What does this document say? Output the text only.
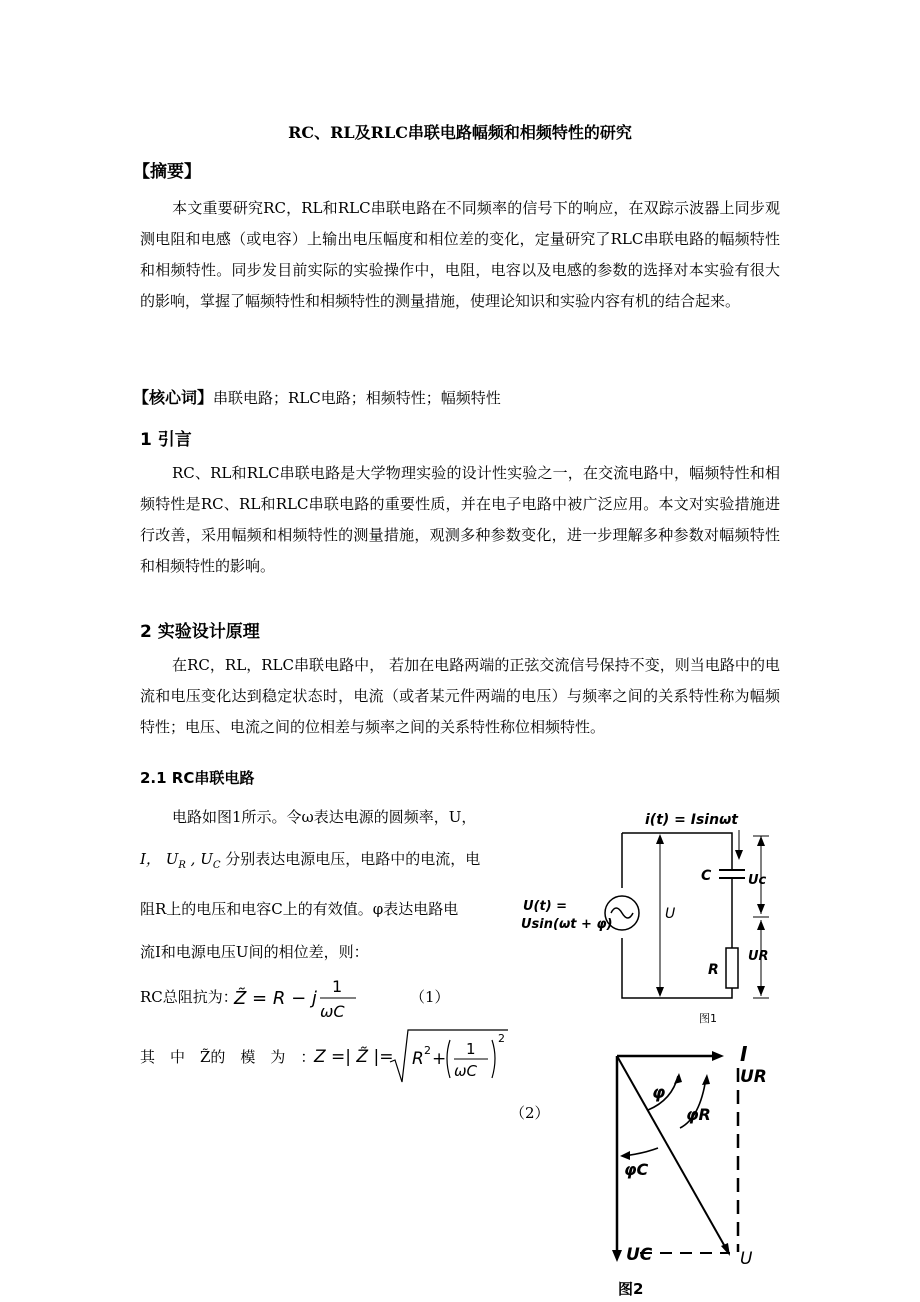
RC、RL及RLC串联电路幅频和相频特性的研究
【摘要】
本文重要研究RC，RL和RLC串联电路在不同频率的信号下的响应，在双踪示波器上同步观测电阻和电感（或电容）上输出电压幅度和相位差的变化，定量研究了RLC串联电路的幅频特性和相频特性。同步发目前实际的实验操作中，电阻，电容以及电感的参数的选择对本实验有很大的影响，掌握了幅频特性和相频特性的测量措施，使理论知识和实验内容有机的结合起来。
【核心词】串联电路；RLC电路；相频特性；幅频特性
1 引言
RC、RL和RLC串联电路是大学物理实验的设计性实验之一，在交流电路中，幅频特性和相频特性是RC、RL和RLC串联电路的重要性质，并在电子电路中被广泛应用。本文对实验措施进行改善，采用幅频和相频特性的测量措施，观测多种参数变化，进一步理解多种参数对幅频特性和相频特性的影响。
2 实验设计原理
在RC，RL，RLC串联电路中， 若加在电路两端的正弦交流信号保持不变，则当电路中的电流和电压变化达到稳定状态时，电流（或者某元件两端的电压）与频率之间的关系特性称为幅频特性；电压、电流之间的位相差与频率之间的关系特性称位相频特性。
2.1 RC串联电路
电路如图1所示。令ω表达电源的圆频率，U，
I， $U_R$ , $U_C$ 分别表达电源电压，电路中的电流，电
阻R上的电压和电容C上的有效值。φ表达电路电
流I和电源电压U间的相位差，则：
RC总阻抗为：
Z̃ = R − j
1
ωC
（1）
其　中　Z̃的　模　为　：
Z =| Z̃ |= R 2 + 1
ωC
2
（2）
i(t) = Isinωt
U(t) =
Usin(ωt + φ)
U
C
R
Uc
UR
图1
I
UR
φ
φR
φC
UC	U
图2
